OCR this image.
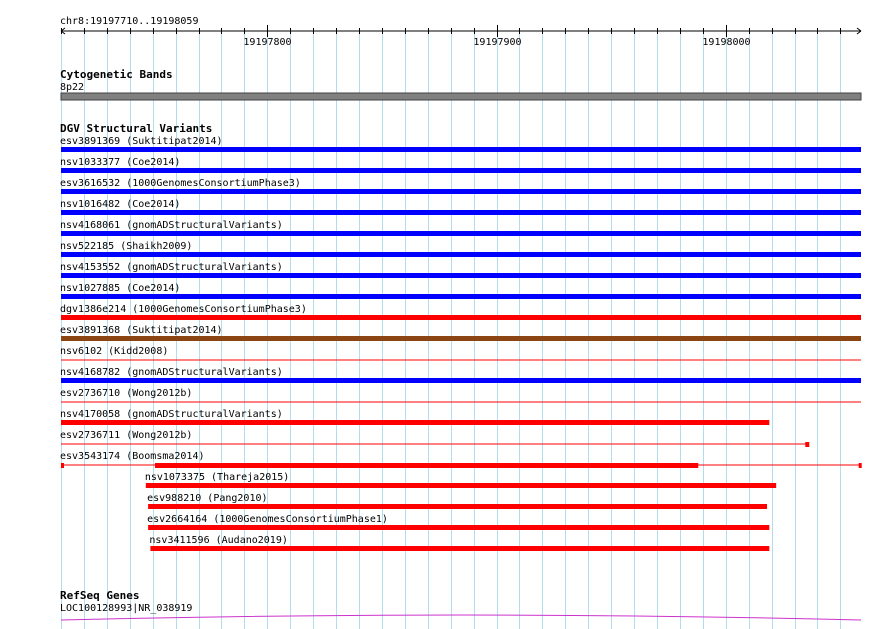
chr8:19197710..19198059
19197800	19197900	19198000
Cytogenetic Bands
8p22
DGV Structural Variants
esv3891369 (Suktitipat2014)
nsv1033377 (Coe2014)
esv3616532 (1000GenomesConsortiumPhase3)
nsv1016482 (Coe2014)
nsv4168061 (gnomADStructuralVariants)
nsv522185 (Shaikh2009)
nsv4153552 (gnomADStructuralVariants)
nsv1027885 (Coe2014)
dgv1386e214 (1000GenomesConsortiumPhase3)
esv3891368 (Suktitipat2014)
nsv6102 (Kidd2008)
nsv4168782 (gnomADStructuralVariants)
esv2736710 (Wong2012b)
nsv4170058 (gnomADStructuralVariants)
esv2736711 (Wong2012b)
esv3543174 (Boomsma2014)
nsv1073375 (Thareja2015)
esv988210 (Pang2010)
esv2664164 (1000GenomesConsortiumPhase1)
nsv3411596 (Audano2019)
RefSeq Genes
LOC100128993|NR_038919
